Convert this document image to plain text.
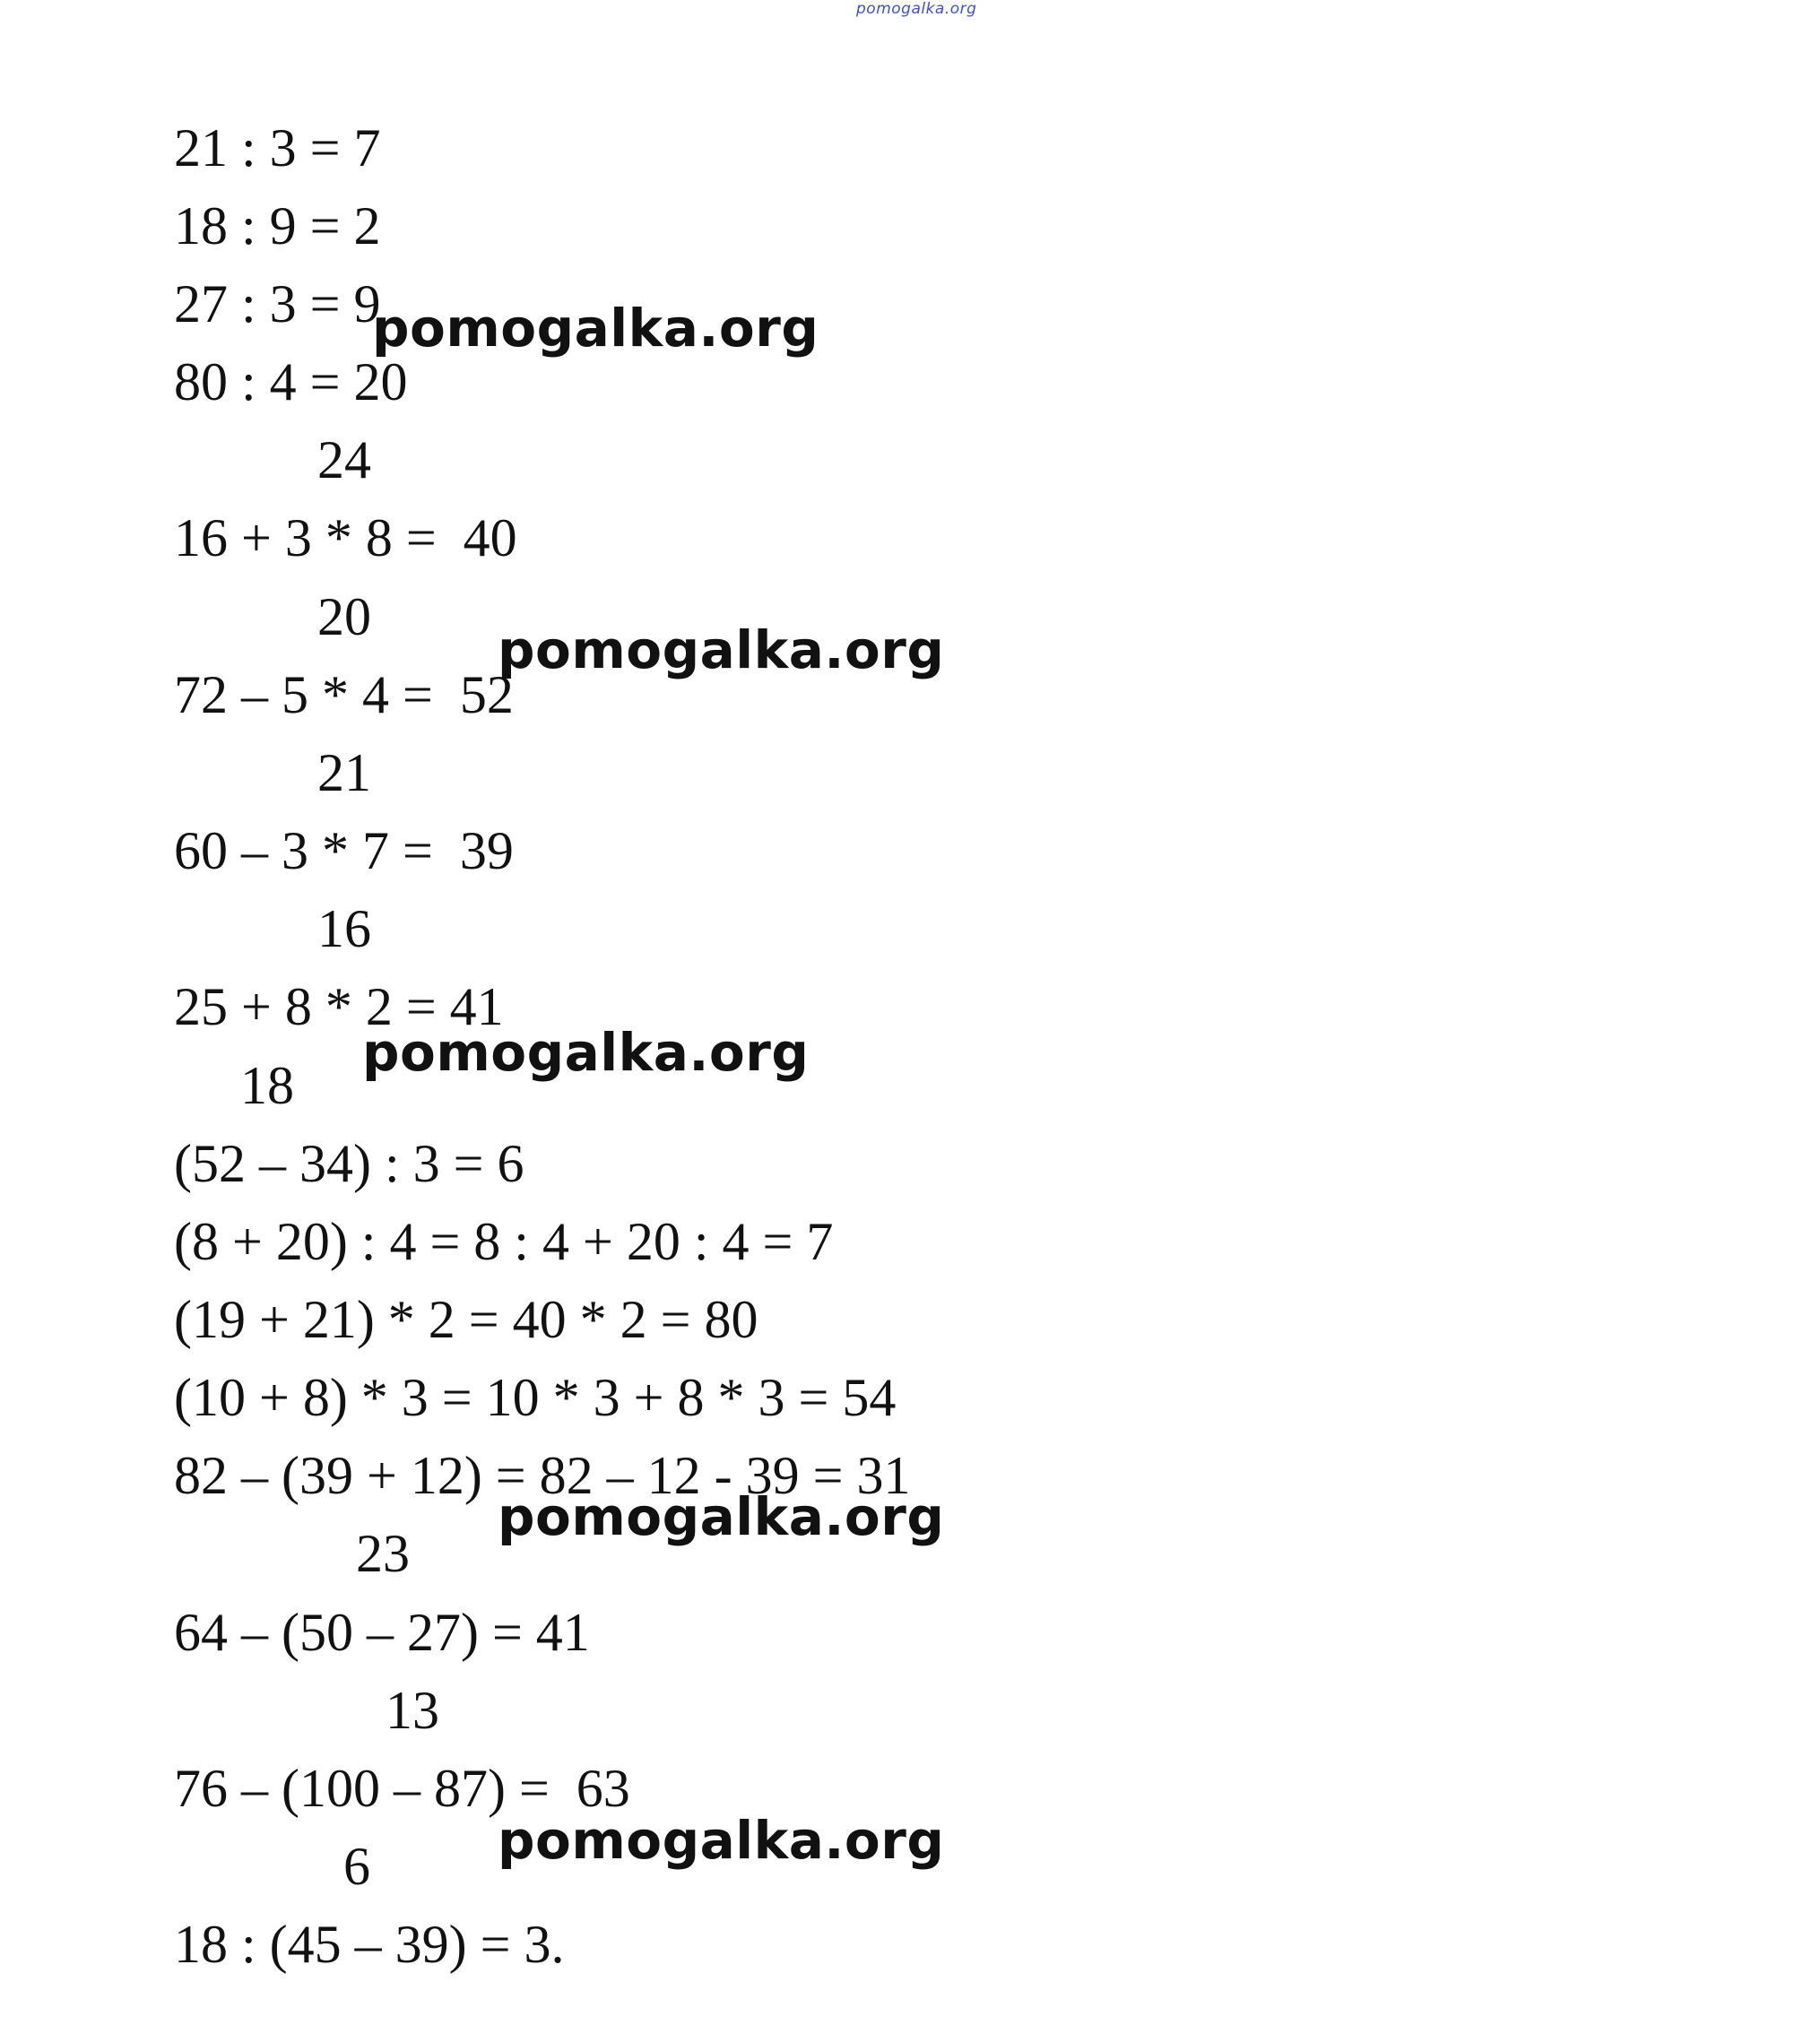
pomogalka.org
21 : 3 = 7
18 : 9 = 2
27 : 3 = 9
80 : 4 = 20
24
16 + 3 * 8 =  40
20
72 – 5 * 4 =  52
21
60 – 3 * 7 =  39
16
25 + 8 * 2 = 41
18
(52 – 34) : 3 = 6
(8 + 20) : 4 = 8 : 4 + 20 : 4 = 7
(19 + 21) * 2 = 40 * 2 = 80
(10 + 8) * 3 = 10 * 3 + 8 * 3 = 54
82 – (39 + 12) = 82 – 12 - 39 = 31
23
64 – (50 – 27) = 41
13
76 – (100 – 87) =  63
6
18 : (45 – 39) = 3.
pomogalka.org
pomogalka.org
pomogalka.org
pomogalka.org
pomogalka.org
